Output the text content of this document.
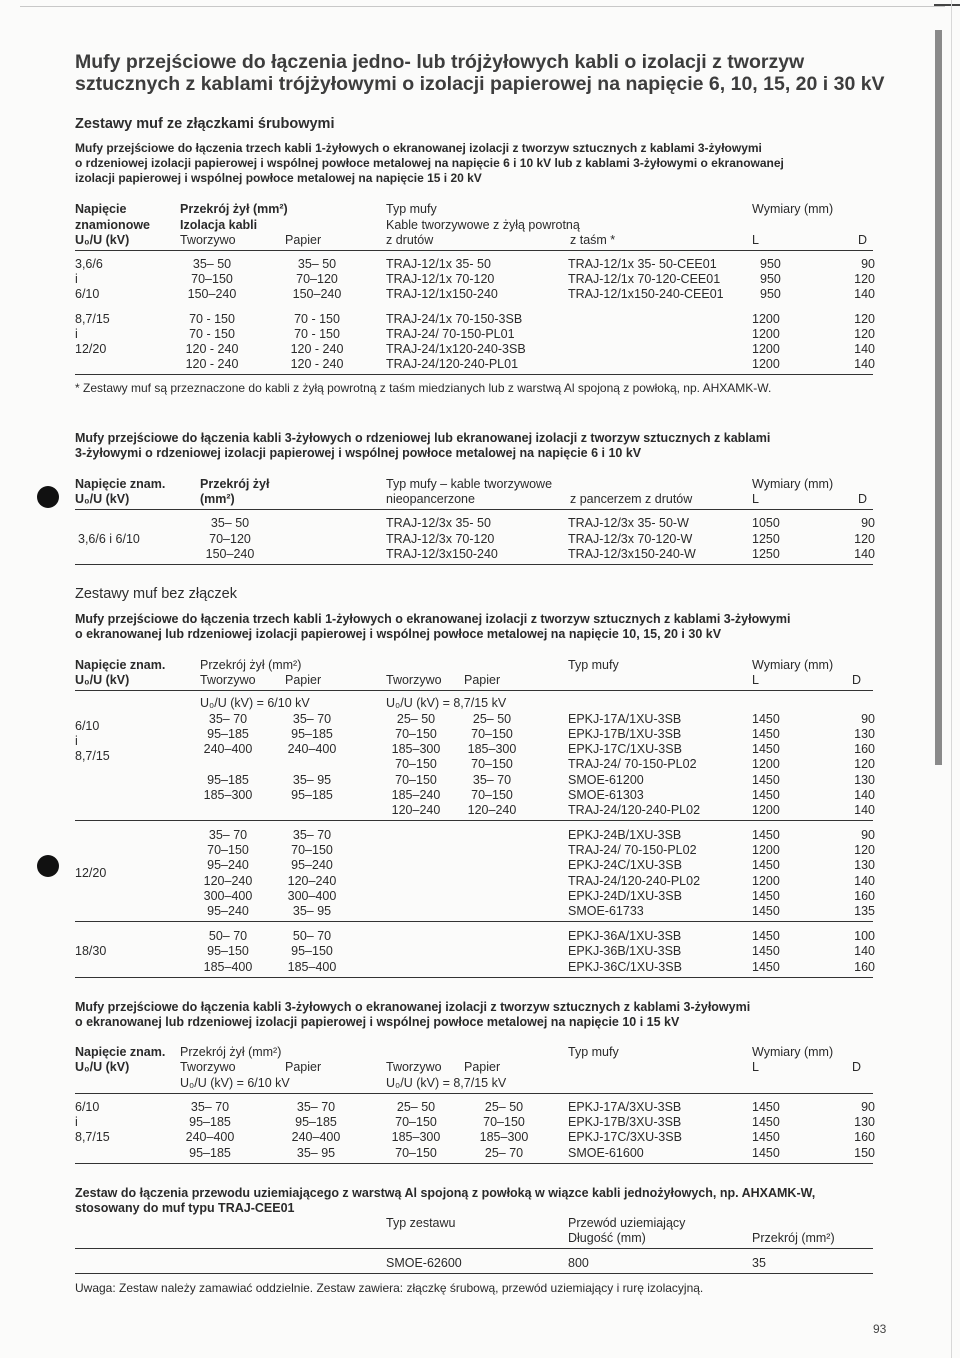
Mufy przejściowe do łączenia jedno- lub trójżyłowych kabli o izolacji z tworzyw
sztucznych z kablami trójżyłowymi o izolacji papierowej na napięcie 6, 10, 15, 20 i 30 kV
Zestawy muf ze złączkami śrubowymi
Mufy przejściowe do łączenia trzech kabli 1-żyłowych o ekranowanej izolacji z tworzyw sztucznych z kablami 3-żyłowymi
o rdzeniowej izolacji papierowej i wspólnej powłoce metalowej na napięcie 6 i 10 kV lub z kablami 3-żyłowymi o ekranowanej
izolacji papierowej i wspólnej powłoce metalowej na napięcie 15 i 20 kV
Napięcie
znamionowe
U₀/U (kV)
Przekrój żył (mm²)
Izolacja kabli
Tworzywo	Papier
Typ mufy
Kable tworzywowe z żyłą powrotną
z drutów	z taśm *
Wymiary (mm)
L	D
3,6/6
i
6/10
35– 50	35– 50	TRAJ-12/1x 35- 50	TRAJ-12/1x 35- 50-CEE01	950	90
70–150	70–120	TRAJ-12/1x 70-120	TRAJ-12/1x 70-120-CEE01	950	120
150–240	150–240	TRAJ-12/1x150-240	TRAJ-12/1x150-240-CEE01	950	140
8,7/15
i
12/20
70 - 150	70 - 150	TRAJ-24/1x 70-150-3SB	1200	120
70 - 150	70 - 150	TRAJ-24/ 70-150-PL01	1200	120
120 - 240	120 - 240	TRAJ-24/1x120-240-3SB	1200	140
120 - 240	120 - 240	TRAJ-24/120-240-PL01	1200	140
* Zestawy muf są przeznaczone do kabli z żyłą powrotną z taśm miedzianych lub z warstwą Al spojoną z powłoką, np. AHXAMK-W.
Mufy przejściowe do łączenia kabli 3-żyłowych o rdzeniowej lub ekranowanej izolacji z tworzyw sztucznych z kablami
3-żyłowymi o rdzeniowej izolacji papierowej i wspólnej powłoce metalowej na napięcie 6 i 10 kV
Napięcie znam.
U₀/U (kV)
Przekrój żył
(mm²)
Typ mufy – kable tworzywowe
nieopancerzone	z pancerzem z drutów
Wymiary (mm)
L	D
3,6/6 i 6/10
35– 50	TRAJ-12/3x 35- 50	TRAJ-12/3x 35- 50-W	1050	90
70–120	TRAJ-12/3x 70-120	TRAJ-12/3x 70-120-W	1250	120
150–240	TRAJ-12/3x150-240	TRAJ-12/3x150-240-W	1250	140
Zestawy muf bez złączek
Mufy przejściowe do łączenia trzech kabli 1-żyłowych o ekranowanej izolacji z tworzyw sztucznych z kablami 3-żyłowymi
o ekranowanej lub rdzeniowej izolacji papierowej i wspólnej powłoce metalowej na napięcie 10, 15, 20 i 30 kV
Napięcie znam.
U₀/U (kV)
Przekrój żył (mm²)
Tworzywo Papier	Tworzywo Papier
Typ mufy	Wymiary (mm)
L	D
U₀/U (kV) = 6/10 kV	U₀/U (kV) = 8,7/15 kV
6/10
i
8,7/15
35– 70	35– 70	25– 50	25– 50	EPKJ-17A/1XU-3SB	1450	90
95–185	95–185	70–150	70–150	EPKJ-17B/1XU-3SB	1450	130
240–400	240–400	185–300	185–300	EPKJ-17C/1XU-3SB	1450	160
70–150	70–150	TRAJ-24/ 70-150-PL02	1200	120
95–185	35– 95	70–150	35– 70	SMOE-61200	1450	130
185–300	95–185	185–240	70–150	SMOE-61303	1450	140
120–240	120–240	TRAJ-24/120-240-PL02	1200	140
12/20
35– 70	35– 70	EPKJ-24B/1XU-3SB	1450	90
70–150	70–150	TRAJ-24/ 70-150-PL02	1200	120
95–240	95–240	EPKJ-24C/1XU-3SB	1450	130
120–240	120–240	TRAJ-24/120-240-PL02	1200	140
300–400	300–400	EPKJ-24D/1XU-3SB	1450	160
95–240	35– 95	SMOE-61733	1450	135
18/30
50– 70	50– 70	EPKJ-36A/1XU-3SB	1450	100
95–150	95–150	EPKJ-36B/1XU-3SB	1450	140
185–400	185–400	EPKJ-36C/1XU-3SB	1450	160
Mufy przejściowe do łączenia kabli 3-żyłowych o ekranowanej izolacji z tworzyw sztucznych z kablami 3-żyłowymi
o ekranowanej lub rdzeniowej izolacji papierowej i wspólnej powłoce metalowej na napięcie 10 i 15 kV
Napięcie znam.
U₀/U (kV)
Przekrój żył (mm²)
Tworzywo	Papier	Tworzywo Papier
Typ mufy	Wymiary (mm)
L	D
U₀/U (kV) = 6/10 kV	U₀/U (kV) = 8,7/15 kV
6/10
i
8,7/15
35– 70	35– 70	25– 50	25– 50	EPKJ-17A/3XU-3SB	1450	90
95–185	95–185	70–150	70–150	EPKJ-17B/3XU-3SB	1450	130
240–400	240–400	185–300	185–300	EPKJ-17C/3XU-3SB	1450	160
95–185	35– 95	70–150	25– 70	SMOE-61600	1450	150
Zestaw do łączenia przewodu uziemiającego z warstwą Al spojoną z powłoką w wiązce kabli jednożyłowych, np. AHXAMK-W,
stosowany do muf typu TRAJ-CEE01
Typ zestawu	Przewód uziemiający
Długość (mm)	Przekrój (mm²)
SMOE-62600	800	35
Uwaga: Zestaw należy zamawiać oddzielnie. Zestaw zawiera: złączkę śrubową, przewód uziemiający i rurę izolacyjną.
93
